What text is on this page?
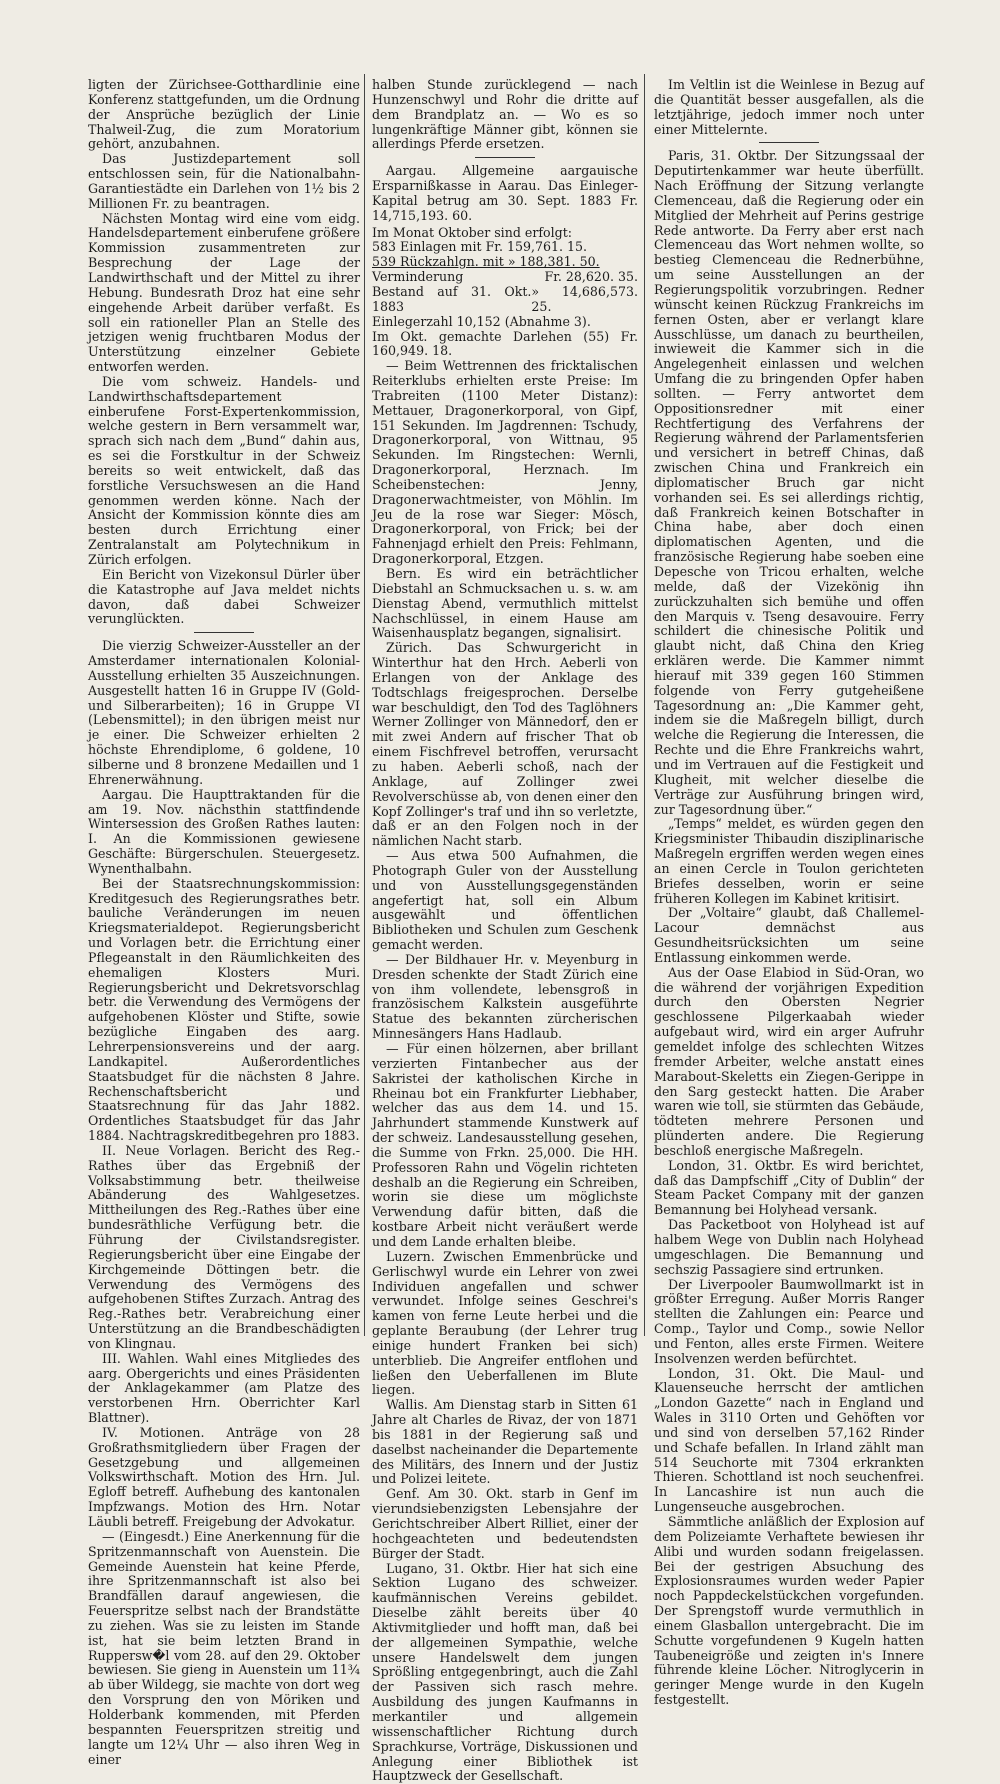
ligten der Zürichsee-Gotthardlinie eine Konferenz stattgefunden, um die Ordnung der Ansprüche bezüglich der Linie Thalweil-Zug, die zum Moratorium gehört, anzubahnen.

Das Justizdepartement soll entschlossen sein, für die Nationalbahn-Garantiestädte ein Darlehen von 1½ bis 2 Millionen Fr. zu beantragen.

Nächsten Montag wird eine vom eidg. Handelsdepartement einberufene größere Kommission zusammentreten zur Besprechung der Lage der Landwirthschaft und der Mittel zu ihrer Hebung. Bundesrath Droz hat eine sehr eingehende Arbeit darüber verfaßt. Es soll ein rationeller Plan an Stelle des jetzigen wenig fruchtbaren Modus der Unterstützung einzelner Gebiete entworfen werden.

Die vom schweiz. Handels- und Landwirthschaftsdepartement einberufene Forst-Expertenkommission, welche gestern in Bern versammelt war, sprach sich nach dem „Bund“ dahin aus, es sei die Forstkultur in der Schweiz bereits so weit entwickelt, daß das forstliche Versuchswesen an die Hand genommen werden könne. Nach der Ansicht der Kommission könnte dies am besten durch Errichtung einer Zentralanstalt am Polytechnikum in Zürich erfolgen.

Ein Bericht von Vizekonsul Dürler über die Katastrophe auf Java meldet nichts davon, daß dabei Schweizer verunglückten.

Die vierzig Schweizer-Aussteller an der Amsterdamer internationalen Kolonial-Ausstellung erhielten 35 Auszeichnungen. Ausgestellt hatten 16 in Gruppe IV (Gold- und Silberarbeiten); 16 in Gruppe VI (Lebensmittel); in den übrigen meist nur je einer. Die Schweizer erhielten 2 höchste Ehrendiplome, 6 goldene, 10 silberne und 8 bronzene Medaillen und 1 Ehrenerwähnung.

Aargau. Die Haupttraktanden für die am 19. Nov. nächsthin stattfindende Wintersession des Großen Rathes lauten: I. An die Kommissionen gewiesene Geschäfte: Bürgerschulen. Steuergesetz. Wynenthalbahn.

Bei der Staatsrechnungskommission: Kreditgesuch des Regierungsrathes betr. bauliche Veränderungen im neuen Kriegsmaterialdepot. Regierungsbericht und Vorlagen betr. die Errichtung einer Pflegeanstalt in den Räumlichkeiten des ehemaligen Klosters Muri. Regierungsbericht und Dekretsvorschlag betr. die Verwendung des Vermögens der aufgehobenen Klöster und Stifte, sowie bezügliche Eingaben des aarg. Lehrerpensionsvereins und der aarg. Landkapitel. Außerordentliches Staatsbudget für die nächsten 8 Jahre. Rechenschaftsbericht und Staatsrechnung für das Jahr 1882. Ordentliches Staatsbudget für das Jahr 1884. Nachtragskreditbegehren pro 1883.

II. Neue Vorlagen. Bericht des Reg.-Rathes über das Ergebniß der Volksabstimmung betr. theilweise Abänderung des Wahlgesetzes. Mittheilungen des Reg.-Rathes über eine bundesräthliche Verfügung betr. die Führung der Civilstandsregister. Regierungsbericht über eine Eingabe der Kirchgemeinde Döttingen betr. die Verwendung des Vermögens des aufgehobenen Stiftes Zurzach. Antrag des Reg.-Rathes betr. Verabreichung einer Unterstützung an die Brandbeschädigten von Klingnau.

III. Wahlen. Wahl eines Mitgliedes des aarg. Obergerichts und eines Präsidenten der Anklagekammer (am Platze des verstorbenen Hrn. Oberrichter Karl Blattner).

IV. Motionen. Anträge von 28 Großrathsmitgliedern über Fragen der Gesetzgebung und allgemeinen Volkswirthschaft. Motion des Hrn. Jul. Egloff betreff. Aufhebung des kantonalen Impfzwangs. Motion des Hrn. Notar Läubli betreff. Freigebung der Advokatur.

— (Eingesdt.) Eine Anerkennung für die Spritzenmannschaft von Auenstein. Die Gemeinde Auenstein hat keine Pferde, ihre Spritzenmannschaft ist also bei Brandfällen darauf angewiesen, die Feuerspritze selbst nach der Brandstätte zu ziehen. Was sie zu leisten im Stande ist, hat sie beim letzten Brand in Ruppersw�l vom 28. auf den 29. Oktober bewiesen. Sie gieng in Auenstein um 11¾ ab über Wildegg, sie machte von dort weg den Vorsprung den von Möriken und Holderbank kommenden, mit Pferden bespannten Feuerspritzen streitig und langte um 12¼ Uhr — also ihren Weg in einer

halben Stunde zurücklegend — nach Hunzenschwyl und Rohr die dritte auf dem Brandplatz an. — Wo es so lungenkräftige Männer gibt, können sie allerdings Pferde ersetzen.

Aargau. Allgemeine aargauische Ersparnißkasse in Aarau. Das Einleger-Kapital betrug am 30. Sept. 1883 Fr. 14,715,193. 60.

Im Monat Oktober sind erfolgt:
583 Einlagen mit Fr. 159,761. 15.
539 Rückzahlgn. mit » 188,381. 50.
Verminderung	Fr. 28,620. 35.
Bestand auf 31. Okt. 1883
» 14,686,573. 25.
Einlegerzahl 10,152 (Abnahme 3).
Im Okt. gemachte Darlehen (55) Fr. 160,949. 18.

— Beim Wettrennen des fricktalischen Reiterklubs erhielten erste Preise: Im Trabreiten (1100 Meter Distanz): Mettauer, Dragonerkorporal, von Gipf, 151 Sekunden. Im Jagdrennen: Tschudy, Dragonerkorporal, von Wittnau, 95 Sekunden. Im Ringstechen: Wernli, Dragonerkorporal, Herznach. Im Scheibenstechen: Jenny, Dragonerwachtmeister, von Möhlin. Im Jeu de la rose war Sieger: Mösch, Dragonerkorporal, von Frick; bei der Fahnenjagd erhielt den Preis: Fehlmann, Dragonerkorporal, Etzgen.

Bern. Es wird ein beträchtlicher Diebstahl an Schmucksachen u. s. w. am Dienstag Abend, vermuthlich mittelst Nachschlüssel, in einem Hause am Waisenhausplatz begangen, signalisirt.

Zürich. Das Schwurgericht in Winterthur hat den Hrch. Aeberli von Erlangen von der Anklage des Todtschlags freigesprochen. Derselbe war beschuldigt, den Tod des Taglöhners Werner Zollinger von Männedorf, den er mit zwei Andern auf frischer That ob einem Fischfrevel betroffen, verursacht zu haben. Aeberli schoß, nach der Anklage, auf Zollinger zwei Revolverschüsse ab, von denen einer den Kopf Zollinger's traf und ihn so verletzte, daß er an den Folgen noch in der nämlichen Nacht starb.

— Aus etwa 500 Aufnahmen, die Photograph Guler von der Ausstellung und von Ausstellungsgegenständen angefertigt hat, soll ein Album ausgewählt und öffentlichen Bibliotheken und Schulen zum Geschenk gemacht werden.

— Der Bildhauer Hr. v. Meyenburg in Dresden schenkte der Stadt Zürich eine von ihm vollendete, lebensgroß in französischem Kalkstein ausgeführte Statue des bekannten zürcherischen Minnesängers Hans Hadlaub.

— Für einen hölzernen, aber brillant verzierten Fintanbecher aus der Sakristei der katholischen Kirche in Rheinau bot ein Frankfurter Liebhaber, welcher das aus dem 14. und 15. Jahrhundert stammende Kunstwerk auf der schweiz. Landesausstellung gesehen, die Summe von Frkn. 25,000. Die HH. Professoren Rahn und Vögelin richteten deshalb an die Regierung ein Schreiben, worin sie diese um möglichste Verwendung dafür bitten, daß die kostbare Arbeit nicht veräußert werde und dem Lande erhalten bleibe.

Luzern. Zwischen Emmenbrücke und Gerlischwyl wurde ein Lehrer von zwei Individuen angefallen und schwer verwundet. Infolge seines Geschrei's kamen von ferne Leute herbei und die geplante Beraubung (der Lehrer trug einige hundert Franken bei sich) unterblieb. Die Angreifer entflohen und ließen den Ueberfallenen im Blute liegen.

Wallis. Am Dienstag starb in Sitten 61 Jahre alt Charles de Rivaz, der von 1871 bis 1881 in der Regierung saß und daselbst nacheinander die Departemente des Militärs, des Innern und der Justiz und Polizei leitete.

Genf. Am 30. Okt. starb in Genf im vierundsiebenzigsten Lebensjahre der Gerichtschreiber Albert Rilliet, einer der hochgeachteten und bedeutendsten Bürger der Stadt.

Lugano, 31. Oktbr. Hier hat sich eine Sektion Lugano des schweizer. kaufmännischen Vereins gebildet. Dieselbe zählt bereits über 40 Aktivmitglieder und hofft man, daß bei der allgemeinen Sympathie, welche unsere Handelswelt dem jungen Sprößling entgegenbringt, auch die Zahl der Passiven sich rasch mehre. Ausbildung des jungen Kaufmanns in merkantiler und allgemein wissenschaftlicher Richtung durch Sprachkurse, Vorträge, Diskussionen und Anlegung einer Bibliothek ist Hauptzweck der Gesellschaft.

Im Veltlin ist die Weinlese in Bezug auf die Quantität besser ausgefallen, als die letztjährige, jedoch immer noch unter einer Mittelernte.

Paris, 31. Oktbr. Der Sitzungssaal der Deputirtenkammer war heute überfüllt. Nach Eröffnung der Sitzung verlangte Clemenceau, daß die Regierung oder ein Mitglied der Mehrheit auf Perins gestrige Rede antworte. Da Ferry aber erst nach Clemenceau das Wort nehmen wollte, so bestieg Clemenceau die Rednerbühne, um seine Ausstellungen an der Regierungspolitik vorzubringen. Redner wünscht keinen Rückzug Frankreichs im fernen Osten, aber er verlangt klare Ausschlüsse, um danach zu beurtheilen, inwieweit die Kammer sich in die Angelegenheit einlassen und welchen Umfang die zu bringenden Opfer haben sollten. — Ferry antwortet dem Oppositionsredner mit einer Rechtfertigung des Verfahrens der Regierung während der Parlamentsferien und versichert in betreff Chinas, daß zwischen China und Frankreich ein diplomatischer Bruch gar nicht vorhanden sei. Es sei allerdings richtig, daß Frankreich keinen Botschafter in China habe, aber doch einen diplomatischen Agenten, und die französische Regierung habe soeben eine Depesche von Tricou erhalten, welche melde, daß der Vizekönig ihn zurückzuhalten sich bemühe und offen den Marquis v. Tseng desavouire. Ferry schildert die chinesische Politik und glaubt nicht, daß China den Krieg erklären werde. Die Kammer nimmt hierauf mit 339 gegen 160 Stimmen folgende von Ferry gutgeheißene Tagesordnung an: „Die Kammer geht, indem sie die Maßregeln billigt, durch welche die Regierung die Interessen, die Rechte und die Ehre Frankreichs wahrt, und im Vertrauen auf die Festigkeit und Klugheit, mit welcher dieselbe die Verträge zur Ausführung bringen wird, zur Tagesordnung über.“

„Temps“ meldet, es würden gegen den Kriegsminister Thibaudin disziplinarische Maßregeln ergriffen werden wegen eines an einen Cercle in Toulon gerichteten Briefes desselben, worin er seine früheren Kollegen im Kabinet kritisirt.

Der „Voltaire“ glaubt, daß Challemel-Lacour demnächst aus Gesundheitsrücksichten um seine Entlassung einkommen werde.

Aus der Oase Elabiod in Süd-Oran, wo die während der vorjährigen Expedition durch den Obersten Negrier geschlossene Pilgerkaabah wieder aufgebaut wird, wird ein arger Aufruhr gemeldet infolge des schlechten Witzes fremder Arbeiter, welche anstatt eines Marabout-Skeletts ein Ziegen-Gerippe in den Sarg gesteckt hatten. Die Araber waren wie toll, sie stürmten das Gebäude, tödteten mehrere Personen und plünderten andere. Die Regierung beschloß energische Maßregeln.

London, 31. Oktbr. Es wird berichtet, daß das Dampfschiff „City of Dublin“ der Steam Packet Company mit der ganzen Bemannung bei Holyhead versank.

Das Packetboot von Holyhead ist auf halbem Wege von Dublin nach Holyhead umgeschlagen. Die Bemannung und sechszig Passagiere sind ertrunken.

Der Liverpooler Baumwollmarkt ist in größter Erregung. Außer Morris Ranger stellten die Zahlungen ein: Pearce und Comp., Taylor und Comp., sowie Nellor und Fenton, alles erste Firmen. Weitere Insolvenzen werden befürchtet.

London, 31. Okt. Die Maul- und Klauenseuche herrscht der amtlichen „London Gazette“ nach in England und Wales in 3110 Orten und Gehöften vor und sind von derselben 57,162 Rinder und Schafe befallen. In Irland zählt man 514 Seuchorte mit 7304 erkrankten Thieren. Schottland ist noch seuchenfrei. In Lancashire ist nun auch die Lungenseuche ausgebrochen.

Sämmtliche anläßlich der Explosion auf dem Polizeiamte Verhaftete bewiesen ihr Alibi und wurden sodann freigelassen. Bei der gestrigen Absuchung des Explosionsraumes wurden weder Papier noch Pappdeckelstückchen vorgefunden. Der Sprengstoff wurde vermuthlich in einem Glasballon untergebracht. Die im Schutte vorgefundenen 9 Kugeln hatten Taubeneigröße und zeigten in's Innere führende kleine Löcher. Nitroglycerin in geringer Menge wurde in den Kugeln festgestellt.
